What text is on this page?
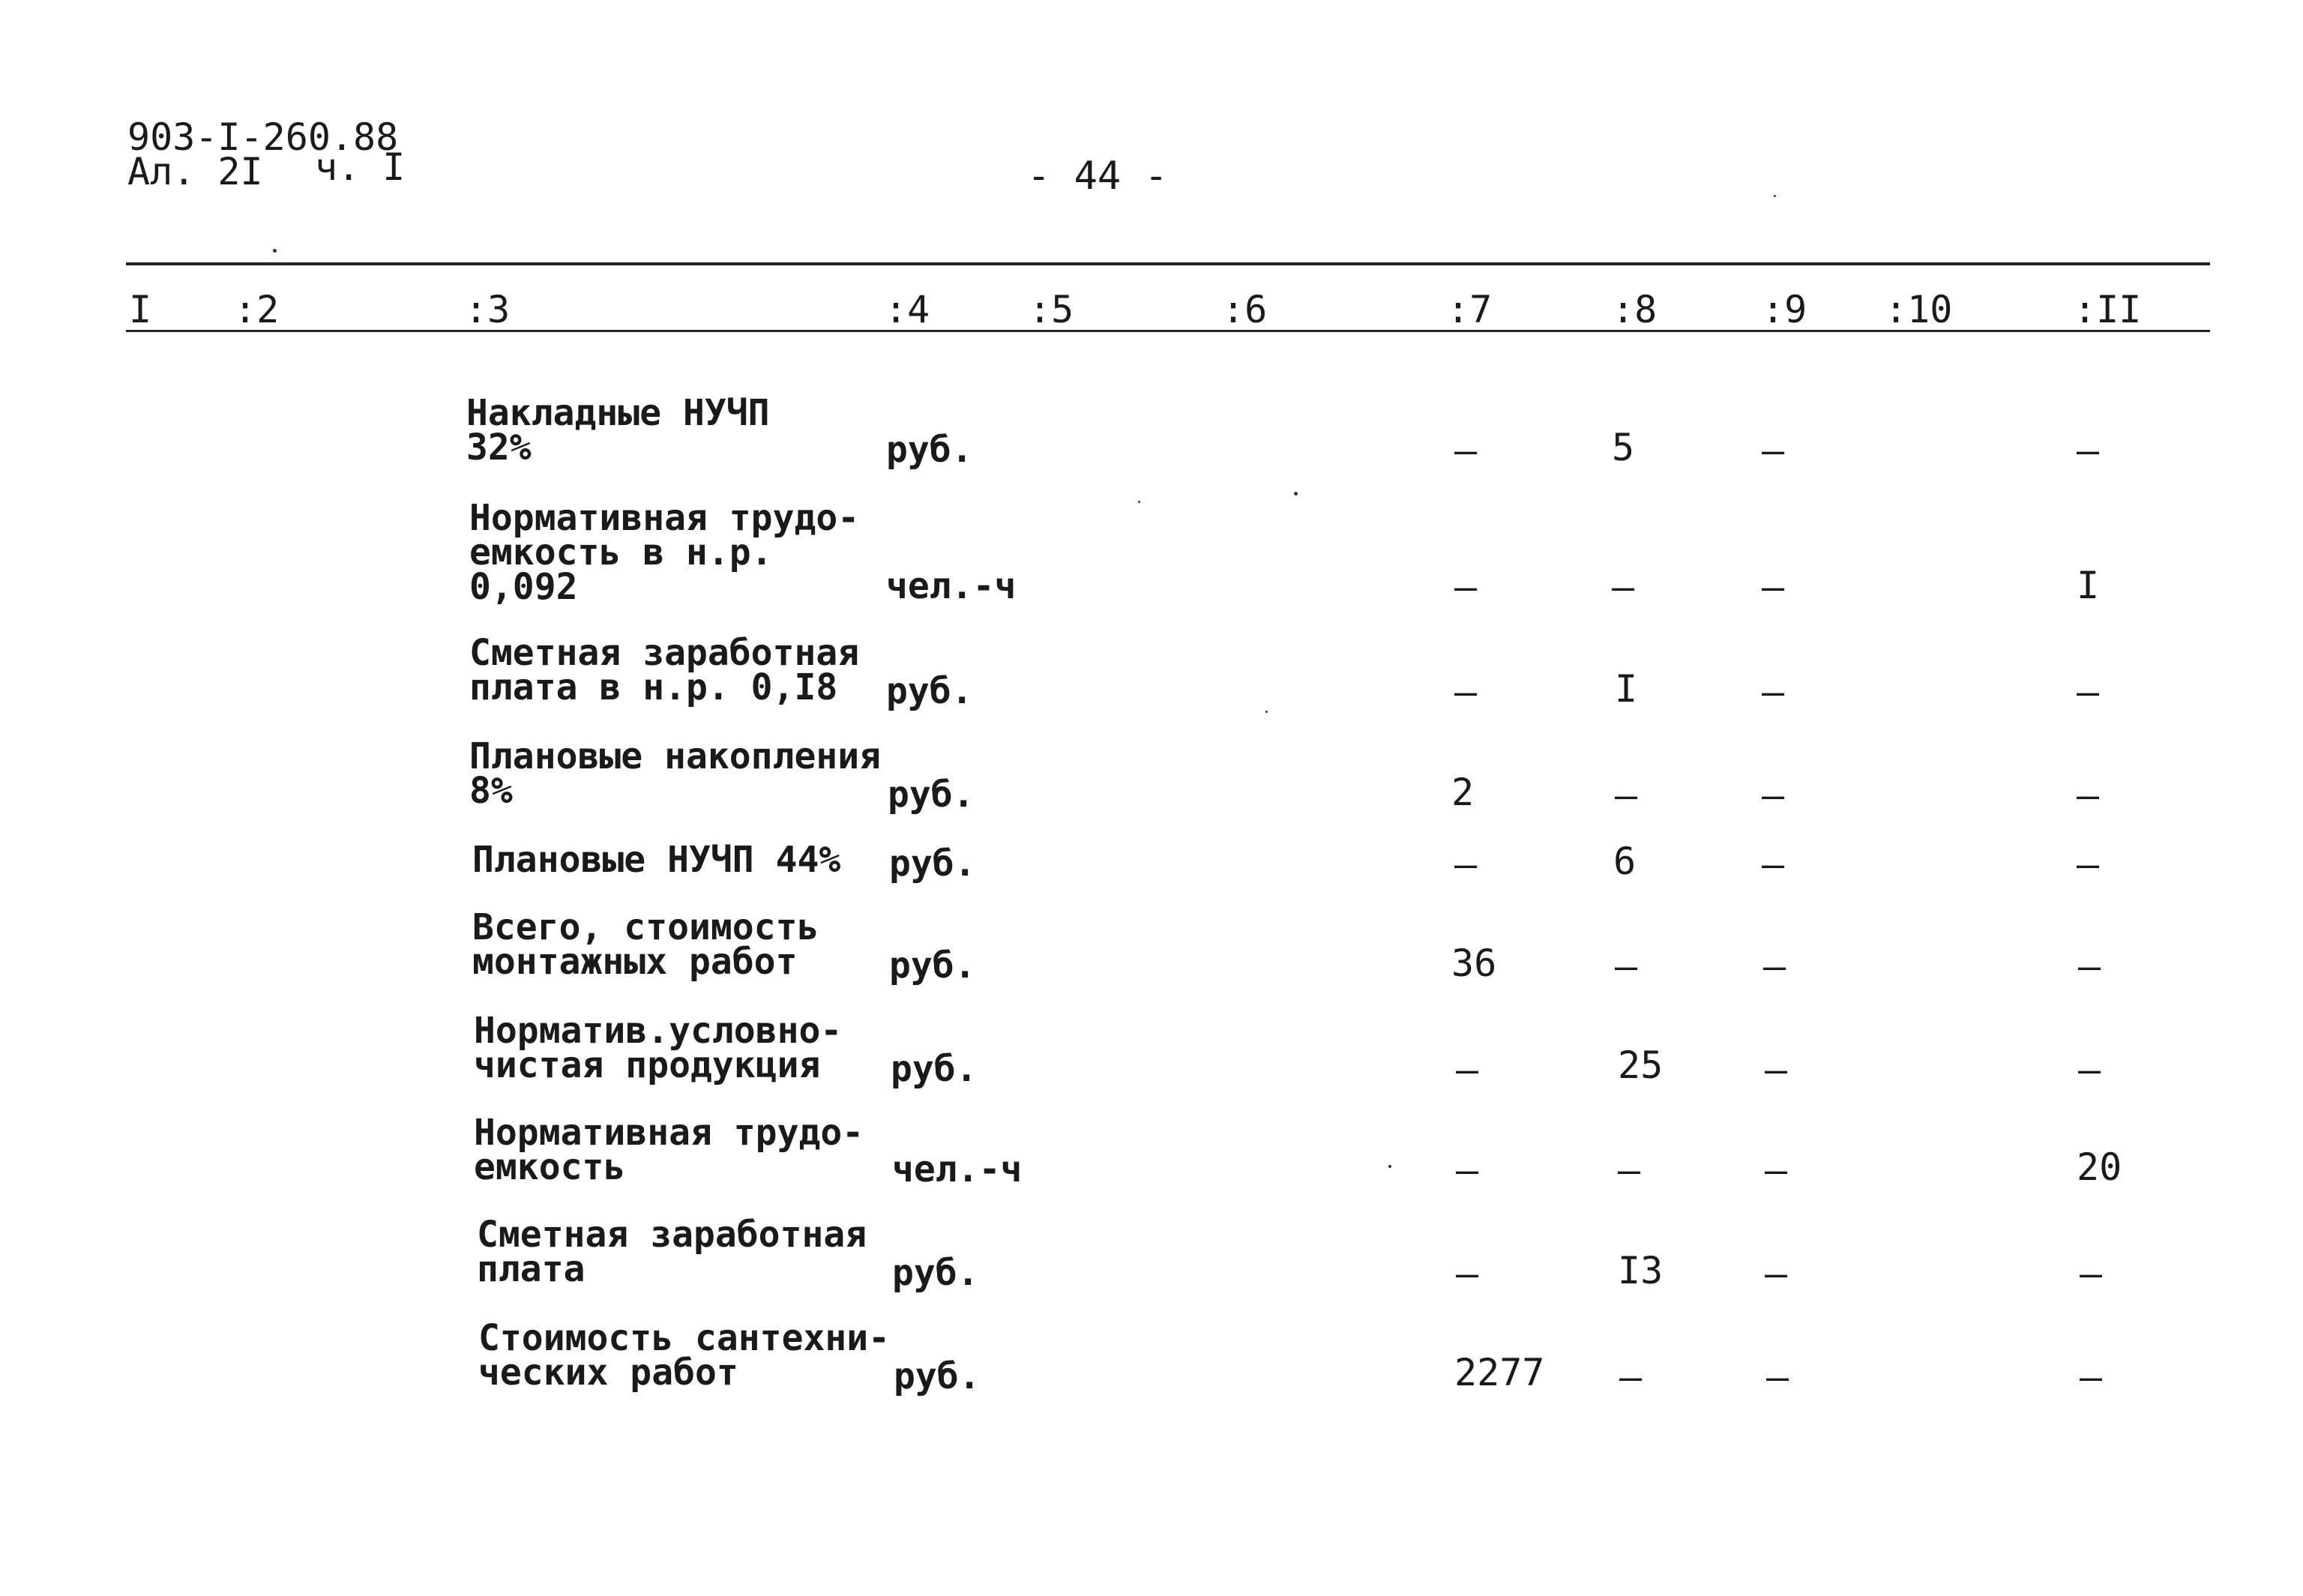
903-I-260.88
Ал. 2I ч. I	- 44 -
I :2	:3	:4	:5	:6	:7	:8	:9 :10	:II
Накладные НУЧП
32%	руб.	–	5	–	–
Нормативная трудо-
емкость в н.р.
0,092	чел.-ч	–	–	–	I
Сметная заработная
плата в н.р. 0,I8	руб.	–	I	–	–
Плановые накопления
8%	руб.	2	–	–	–
Плановые НУЧП 44% руб.	–	6	–	–
Всего, стоимость
монтажных работ	руб.	36	–	–	–
Норматив.условно-
чистая продукция	руб.	–	25	–	–
Нормативная трудо-
емкость	чел.-ч	–	–	–	20
Сметная заработная
плата	руб.	–	I3	–	–
Стоимость сантехни-
ческих работ	руб.	2277 –	–	–
